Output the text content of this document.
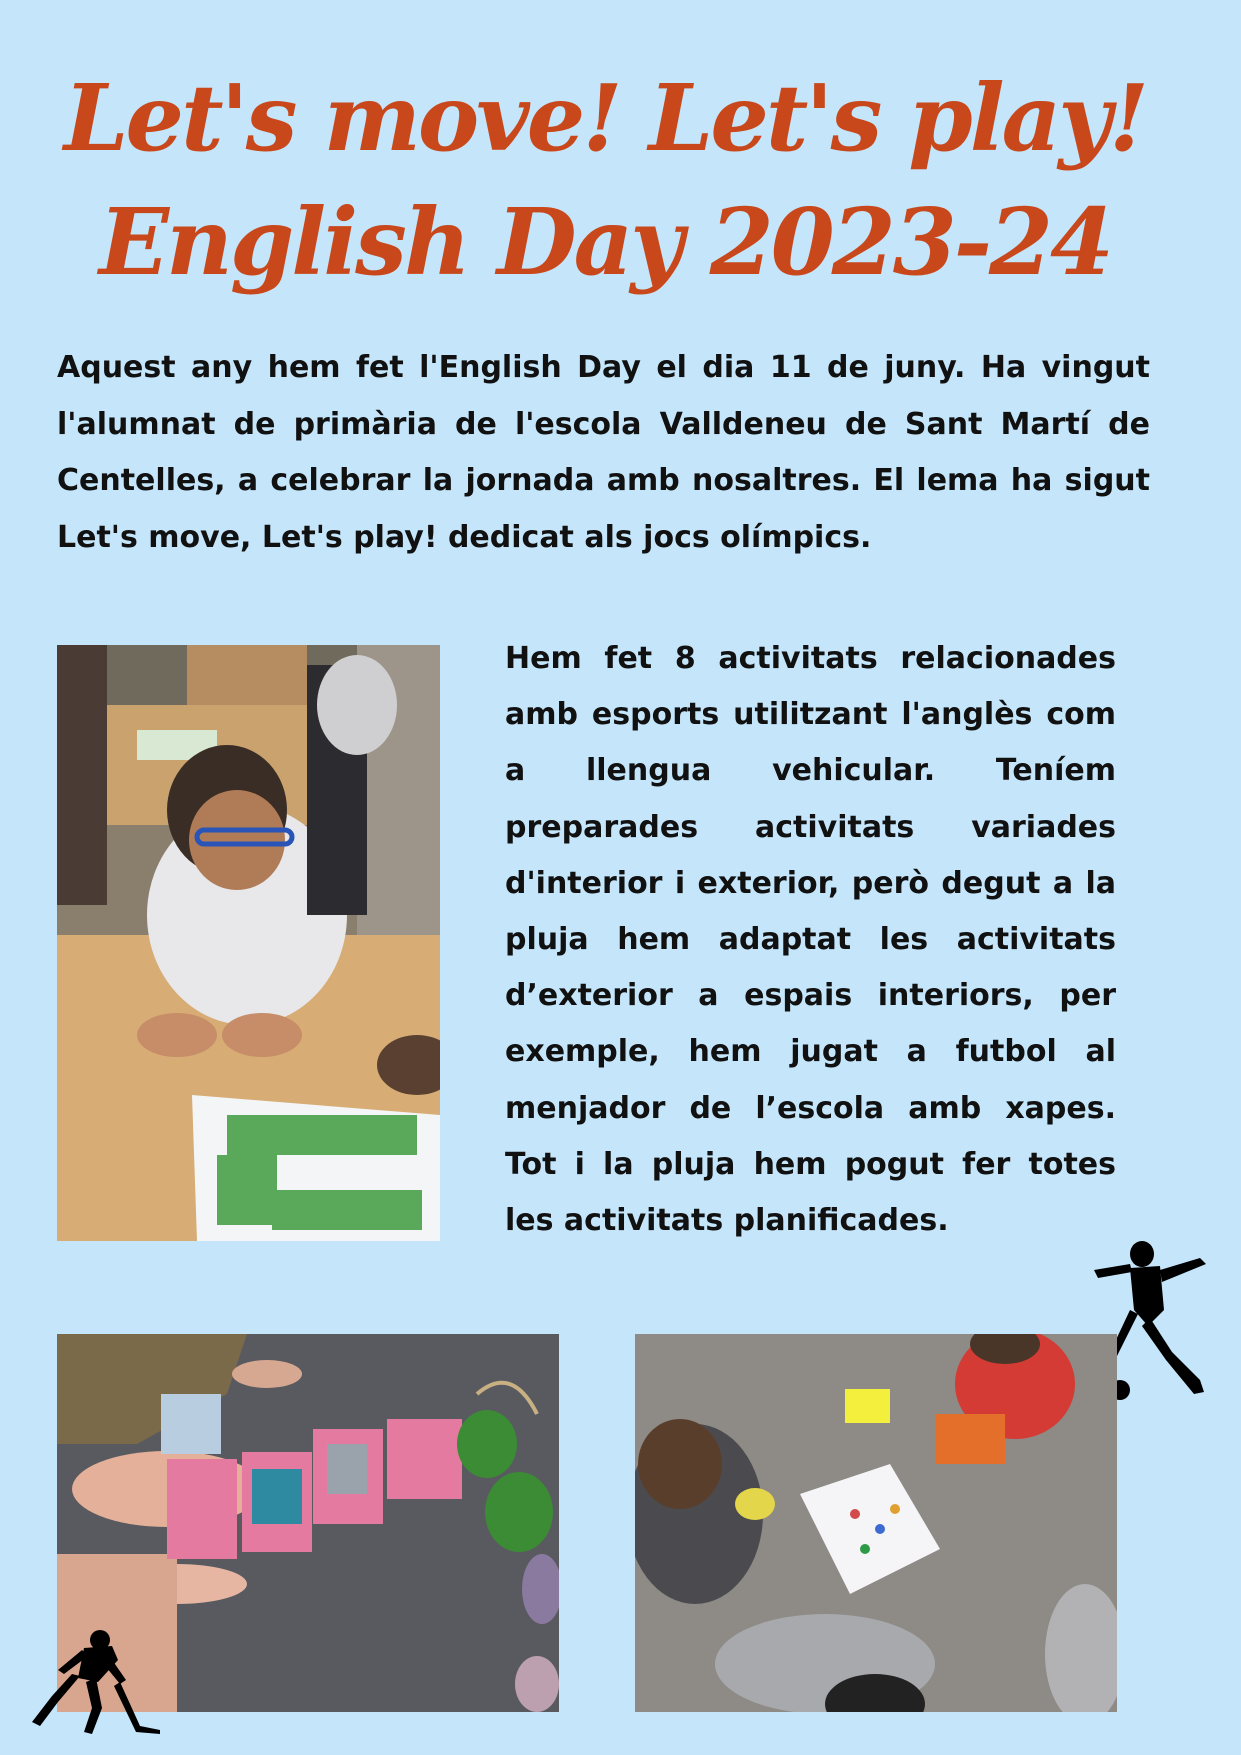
Let's move! Let's play!
English Day 2023-24
Aquest any hem fet l'English Day el dia 11 de juny. Ha vingut l'alumnat de primària de l'escola Valldeneu de Sant Martí de Centelles, a celebrar la jornada amb nosaltres. El lema ha sigut Let's move, Let's play! dedicat als jocs olímpics.
Hem fet 8 activitats relacionades amb esports utilitzant l'anglès com a llengua vehicular. Teníem preparades activitats variades d'interior i exterior, però degut a la pluja hem adaptat les activitats d’exterior a espais interiors, per exemple, hem jugat a futbol al menjador de l’escola amb xapes. Tot i la pluja hem pogut fer totes les activitats planificades.
